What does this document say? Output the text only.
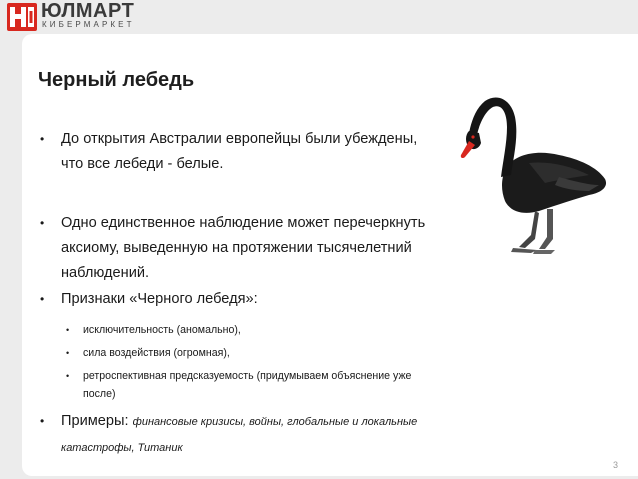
ЮЛМАРТ
КИБЕРМАРКЕТ
Черный лебедь
• До открытия Австралии европейцы были убеждены, что все лебеди - белые.
• Одно единственное наблюдение может перечеркнуть аксиому, выведенную на протяжении тысячелетний наблюдений.
• Признаки «Черного лебедя»:
• исключительность (аномально),
• сила воздействия (огромная),
• ретроспективная предсказуемость (придумываем объяснение уже после)
• Примеры: финансовые кризисы, войны, глобальные и локальные катастрофы, Титаник
3
